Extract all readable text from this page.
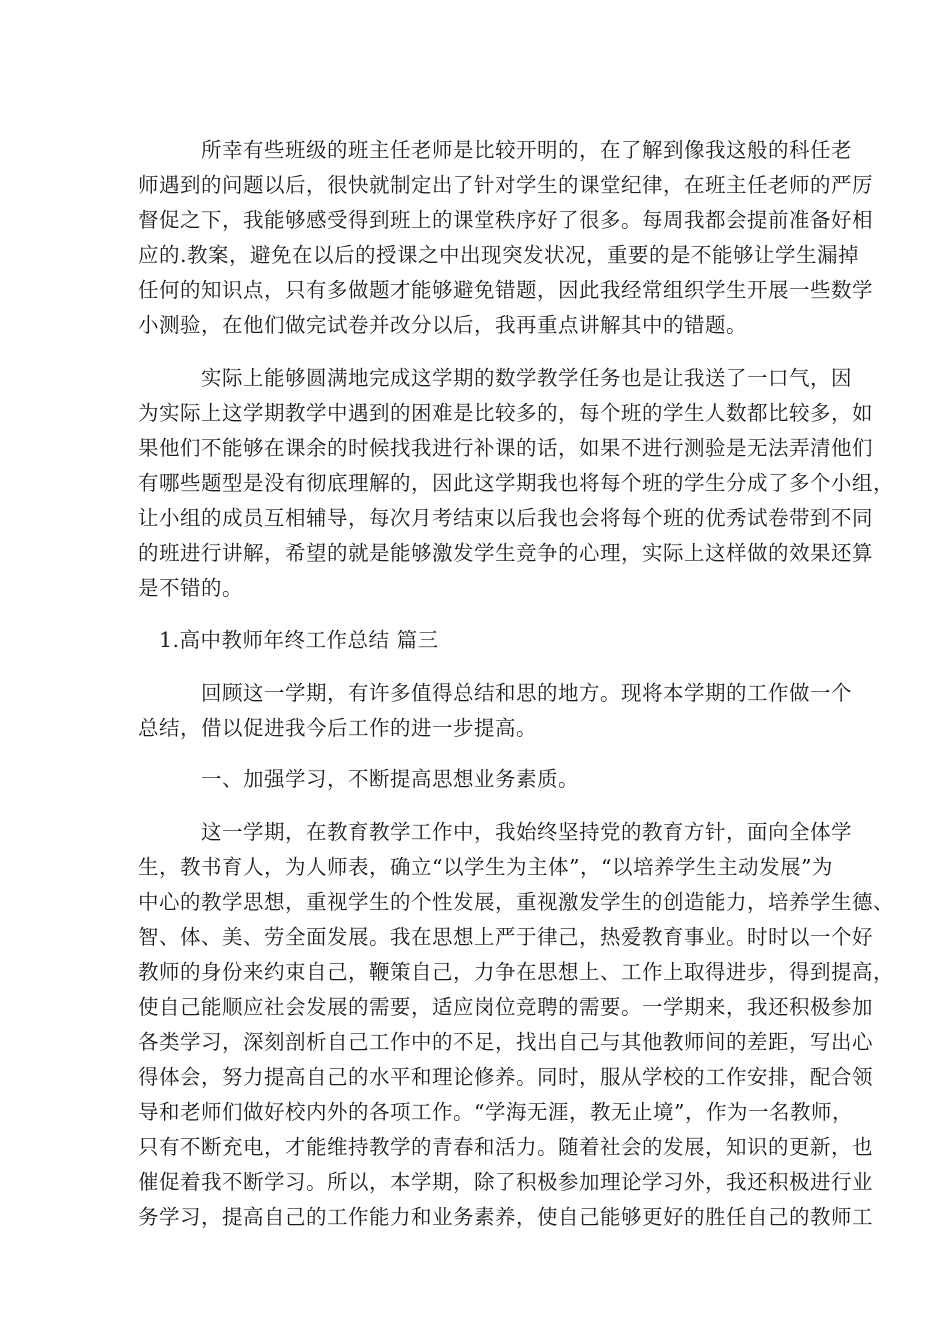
　　　所幸有些班级的班主任老师是比较开明的，在了解到像我这般的科任老
师遇到的问题以后，很快就制定出了针对学生的课堂纪律，在班主任老师的严厉
督促之下，我能够感受得到班上的课堂秩序好了很多。每周我都会提前准备好相
应的.教案，避免在以后的授课之中出现突发状况，重要的是不能够让学生漏掉
任何的知识点，只有多做题才能够避免错题，因此我经常组织学生开展一些数学
小测验，在他们做完试卷并改分以后，我再重点讲解其中的错题。
　　　实际上能够圆满地完成这学期的数学教学任务也是让我送了一口气，因
为实际上这学期教学中遇到的困难是比较多的，每个班的学生人数都比较多，如
果他们不能够在课余的时候找我进行补课的话，如果不进行测验是无法弄清他们
有哪些题型是没有彻底理解的，因此这学期我也将每个班的学生分成了多个小组，
让小组的成员互相辅导，每次月考结束以后我也会将每个班的优秀试卷带到不同
的班进行讲解，希望的就是能够激发学生竞争的心理，实际上这样做的效果还算
是不错的。
　1.高中教师年终工作总结 篇三
　　　回顾这一学期，有许多值得总结和思的地方。现将本学期的工作做一个
总结，借以促进我今后工作的进一步提高。
　　　一、加强学习，不断提高思想业务素质。
　　　这一学期，在教育教学工作中，我始终坚持党的教育方针，面向全体学
生，教书育人，为人师表，确立“以学生为主体”，“以培养学生主动发展”为
中心的教学思想，重视学生的个性发展，重视激发学生的创造能力，培养学生德、
智、体、美、劳全面发展。我在思想上严于律己，热爱教育事业。时时以一个好
教师的身份来约束自己，鞭策自己，力争在思想上、工作上取得进步，得到提高，
使自己能顺应社会发展的需要，适应岗位竞聘的需要。一学期来，我还积极参加
各类学习，深刻剖析自己工作中的不足，找出自己与其他教师间的差距，写出心
得体会，努力提高自己的水平和理论修养。同时，服从学校的工作安排，配合领
导和老师们做好校内外的各项工作。“学海无涯，教无止境”，作为一名教师，
只有不断充电，才能维持教学的青春和活力。随着社会的发展，知识的更新，也
催促着我不断学习。所以，本学期，除了积极参加理论学习外，我还积极进行业
务学习，提高自己的工作能力和业务素养，使自己能够更好的胜任自己的教师工
